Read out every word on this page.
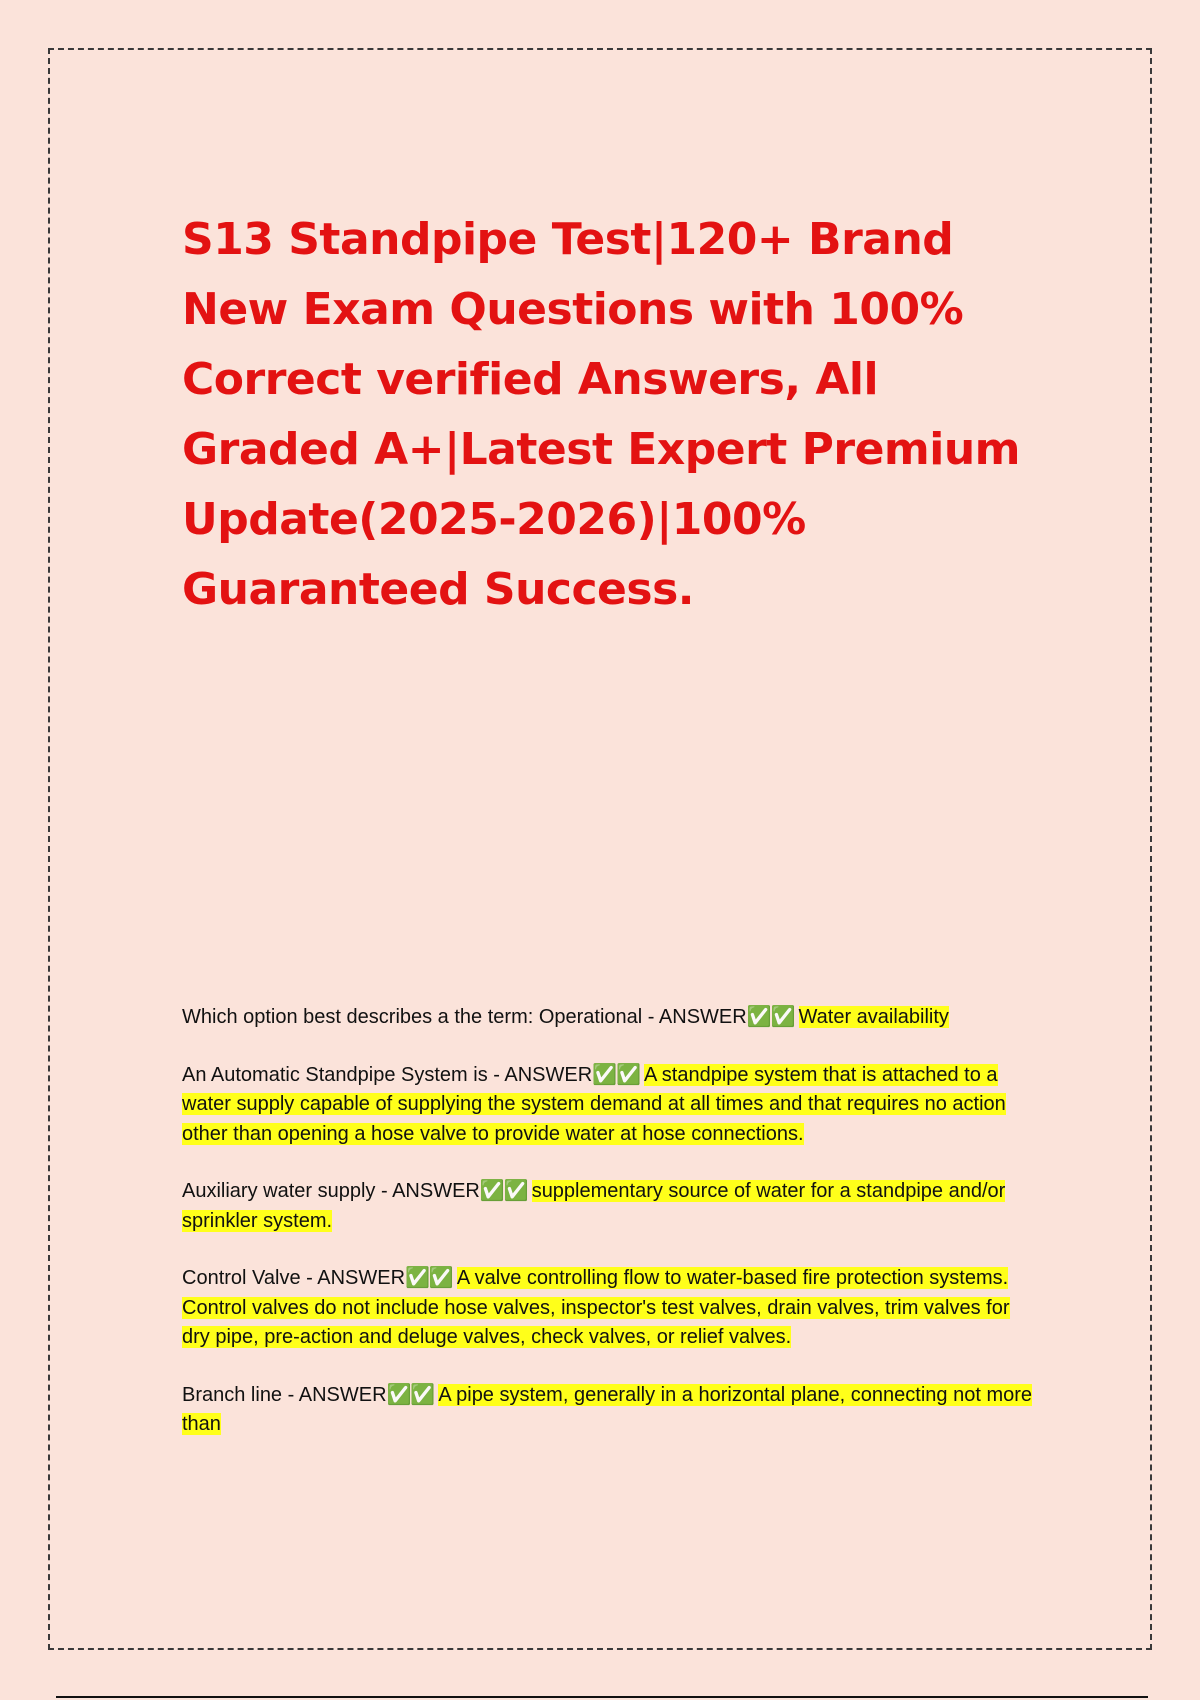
S13 Standpipe Test|120+ Brand New Exam Questions with 100% Correct verified Answers, All Graded A+|Latest Expert Premium Update(2025-2026)|100% Guaranteed Success.

Which option best describes a the term: Operational - ANSWER✅✅ Water availability

An Automatic Standpipe System is - ANSWER✅✅ A standpipe system that is attached to a water supply capable of supplying the system demand at all times and that requires no action other than opening a hose valve to provide water at hose connections.

Auxiliary water supply - ANSWER✅✅ supplementary source of water for a standpipe and/or sprinkler system.

Control Valve - ANSWER✅✅ A valve controlling flow to water-based fire protection systems. Control valves do not include hose valves, inspector's test valves, drain valves, trim valves for dry pipe, pre-action and deluge valves, check valves, or relief valves.

Branch line - ANSWER✅✅ A pipe system, generally in a horizontal plane, connecting not more than
